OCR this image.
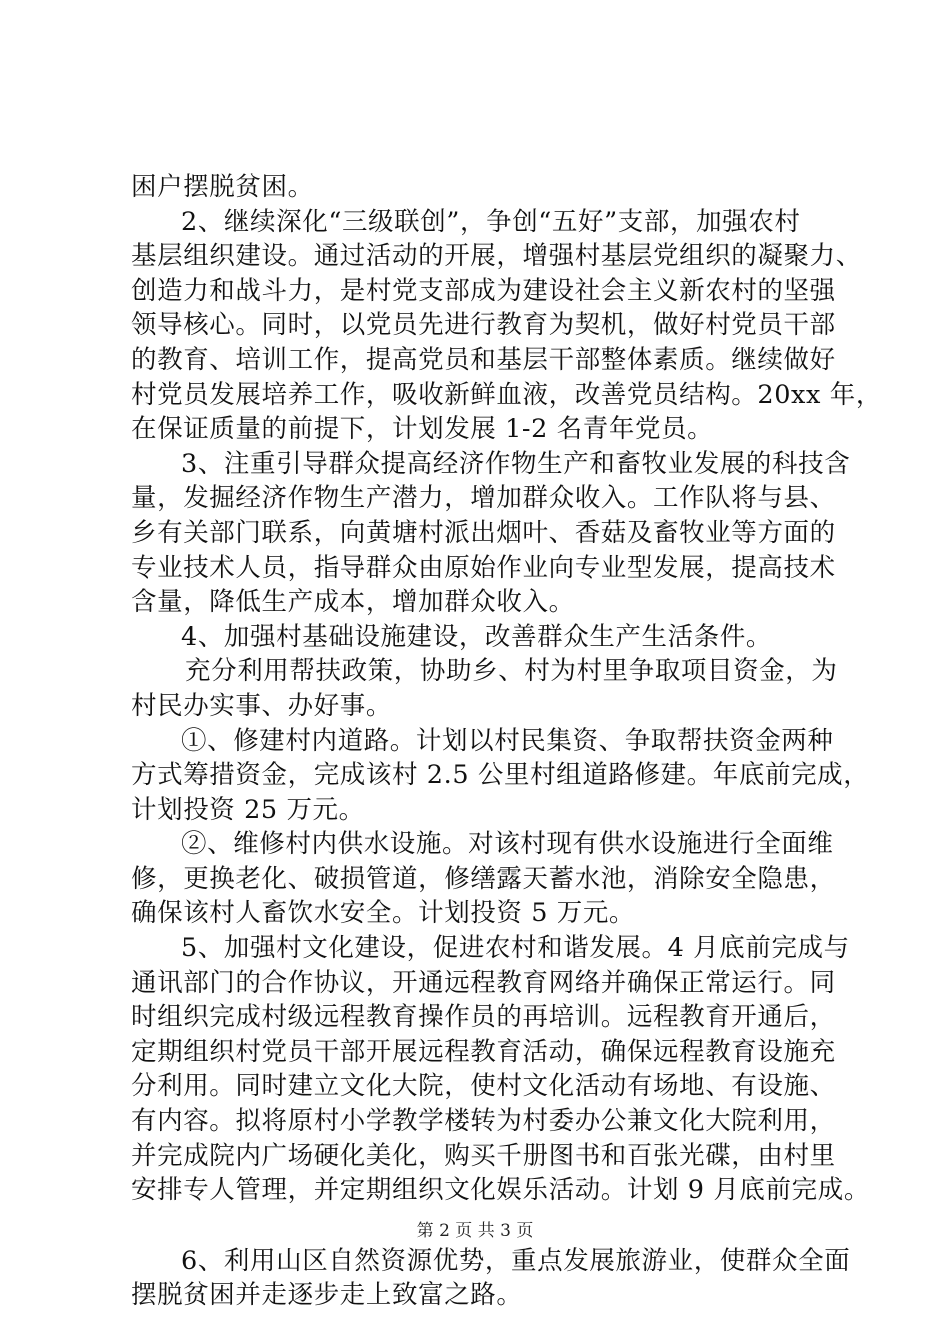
困户摆脱贫困。
2、继续深化“三级联创”，争创“五好”支部，加强农村
基层组织建设。通过活动的开展，增强村基层党组织的凝聚力、
创造力和战斗力，是村党支部成为建设社会主义新农村的坚强
领导核心。同时，以党员先进行教育为契机，做好村党员干部
的教育、培训工作，提高党员和基层干部整体素质。继续做好
村党员发展培养工作，吸收新鲜血液，改善党员结构。20xx 年，
在保证质量的前提下，计划发展 1-2 名青年党员。
3、注重引导群众提高经济作物生产和畜牧业发展的科技含
量，发掘经济作物生产潜力，增加群众收入。工作队将与县、
乡有关部门联系，向黄塘村派出烟叶、香菇及畜牧业等方面的
专业技术人员，指导群众由原始作业向专业型发展，提高技术
含量，降低生产成本，增加群众收入。
4、加强村基础设施建设，改善群众生产生活条件。
充分利用帮扶政策，协助乡、村为村里争取项目资金，为
村民办实事、办好事。
①、修建村内道路。计划以村民集资、争取帮扶资金两种
方式筹措资金，完成该村 2.5 公里村组道路修建。年底前完成，
计划投资 25 万元。
②、维修村内供水设施。对该村现有供水设施进行全面维
修，更换老化、破损管道，修缮露天蓄水池，消除安全隐患，
确保该村人畜饮水安全。计划投资 5 万元。
5、加强村文化建设，促进农村和谐发展。4 月底前完成与
通讯部门的合作协议，开通远程教育网络并确保正常运行。同
时组织完成村级远程教育操作员的再培训。远程教育开通后，
定期组织村党员干部开展远程教育活动，确保远程教育设施充
分利用。同时建立文化大院，使村文化活动有场地、有设施、
有内容。拟将原村小学教学楼转为村委办公兼文化大院利用，
并完成院内广场硬化美化，购买千册图书和百张光碟，由村里
安排专人管理，并定期组织文化娱乐活动。计划 9 月底前完成。
6、利用山区自然资源优势，重点发展旅游业，使群众全面
摆脱贫困并走逐步走上致富之路。
第 2 页 共 3 页
